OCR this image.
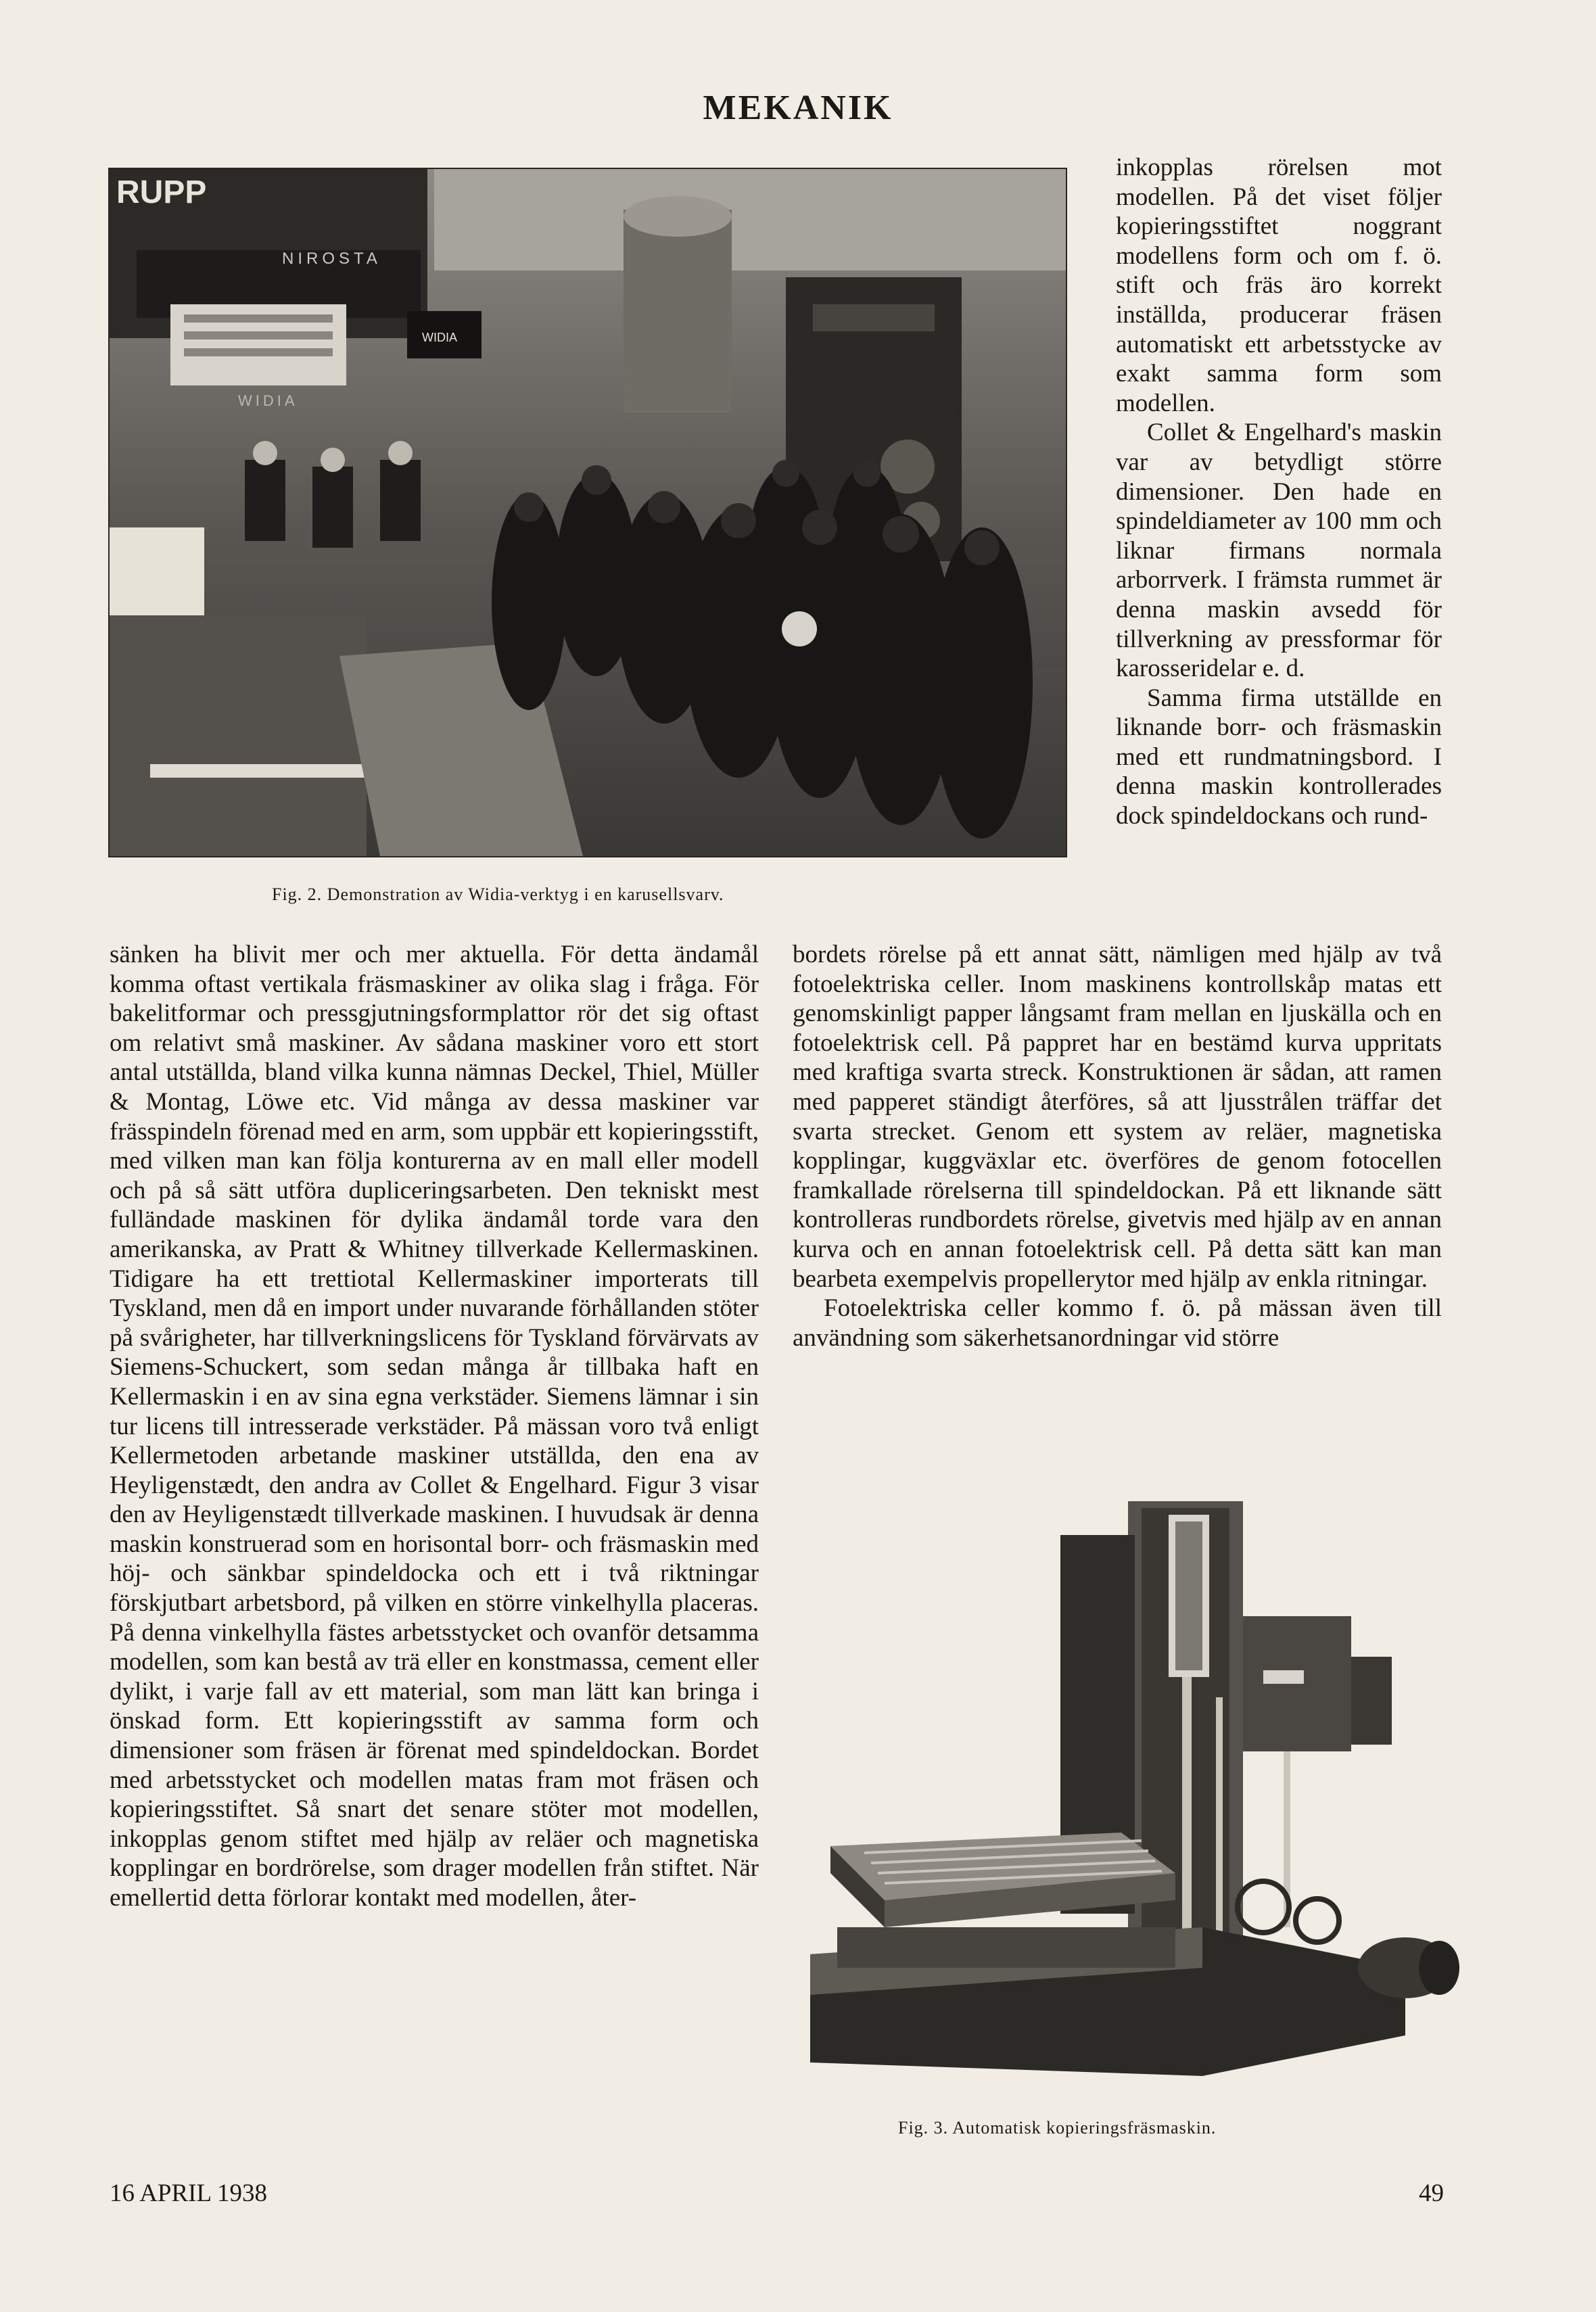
MEKANIK
RUPP
NIROSTA
WIDIA
WIDIA
Fig. 2. Demonstration av Widia-verktyg i en karusellsvarv.

inkopplas rörelsen mot modellen. På det viset följer kopieringsstiftet noggrant modellens form och om f. ö. stift och fräs äro korrekt inställda, producerar fräsen automatiskt ett arbetsstycke av exakt samma form som modellen.

Collet & Engelhard's maskin var av betydligt större dimensioner. Den hade en spindeldiameter av 100 mm och liknar firmans normala arborrverk. I främsta rummet är denna maskin avsedd för tillverkning av pressformar för karosseridelar e. d.

Samma firma utställde en liknande borr- och fräsmaskin med ett rundmatningsbord. I denna maskin kontrollerades dock spindeldockans och rund-

bordets rörelse på ett annat sätt, nämligen med hjälp av två fotoelektriska celler. Inom maskinens kontrollskåp matas ett genomskinligt papper långsamt fram mellan en ljuskälla och en fotoelektrisk cell. På pappret har en bestämd kurva uppritats med kraftiga svarta streck. Konstruktionen är sådan, att ramen med papperet ständigt återföres, så att ljusstrålen träffar det svarta strecket. Genom ett system av reläer, magnetiska kopplingar, kuggväxlar etc. överföres de genom fotocellen framkallade rörelserna till spindeldockan. På ett liknande sätt kontrolleras rundbordets rörelse, givetvis med hjälp av en annan kurva och en annan fotoelektrisk cell. På detta sätt kan man bearbeta exempelvis propellerytor med hjälp av enkla ritningar.

Fotoelektriska celler kommo f. ö. på mässan även till användning som säkerhetsanordningar vid större

sänken ha blivit mer och mer aktuella. För detta ändamål komma oftast vertikala fräsmaskiner av olika slag i fråga. För bakelitformar och pressgjutningsformplattor rör det sig oftast om relativt små maskiner. Av sådana maskiner voro ett stort antal utställda, bland vilka kunna nämnas Deckel, Thiel, Müller & Montag, Löwe etc. Vid många av dessa maskiner var frässpindeln förenad med en arm, som uppbär ett kopieringsstift, med vilken man kan följa konturerna av en mall eller modell och på så sätt utföra dupliceringsarbeten. Den tekniskt mest fulländade maskinen för dylika ändamål torde vara den amerikanska, av Pratt & Whitney tillverkade Kellermaskinen. Tidigare ha ett trettiotal Kellermaskiner importerats till Tyskland, men då en import under nuvarande förhållanden stöter på svårigheter, har tillverkningslicens för Tyskland förvärvats av Siemens-Schuckert, som sedan många år tillbaka haft en Kellermaskin i en av sina egna verkstäder. Siemens lämnar i sin tur licens till intresserade verkstäder. På mässan voro två enligt Kellermetoden arbetande maskiner utställda, den ena av Heyligenstædt, den andra av Collet & Engelhard. Figur 3 visar den av Heyligenstædt tillverkade maskinen. I huvudsak är denna maskin konstruerad som en horisontal borr- och fräsmaskin med höj- och sänkbar spindeldocka och ett i två riktningar förskjutbart arbetsbord, på vilken en större vinkelhylla placeras. På denna vinkelhylla fästes arbetsstycket och ovanför detsamma modellen, som kan bestå av trä eller en konstmassa, cement eller dylikt, i varje fall av ett material, som man lätt kan bringa i önskad form. Ett kopieringsstift av samma form och dimensioner som fräsen är förenat med spindeldockan. Bordet med arbetsstycket och modellen matas fram mot fräsen och kopieringsstiftet. Så snart det senare stöter mot modellen, inkopplas genom stiftet med hjälp av reläer och magnetiska kopplingar en bordrörelse, som drager modellen från stiftet. När emellertid detta förlorar kontakt med modellen, åter-

Fig. 3. Automatisk kopieringsfräsmaskin.
16 APRIL 1938	49
